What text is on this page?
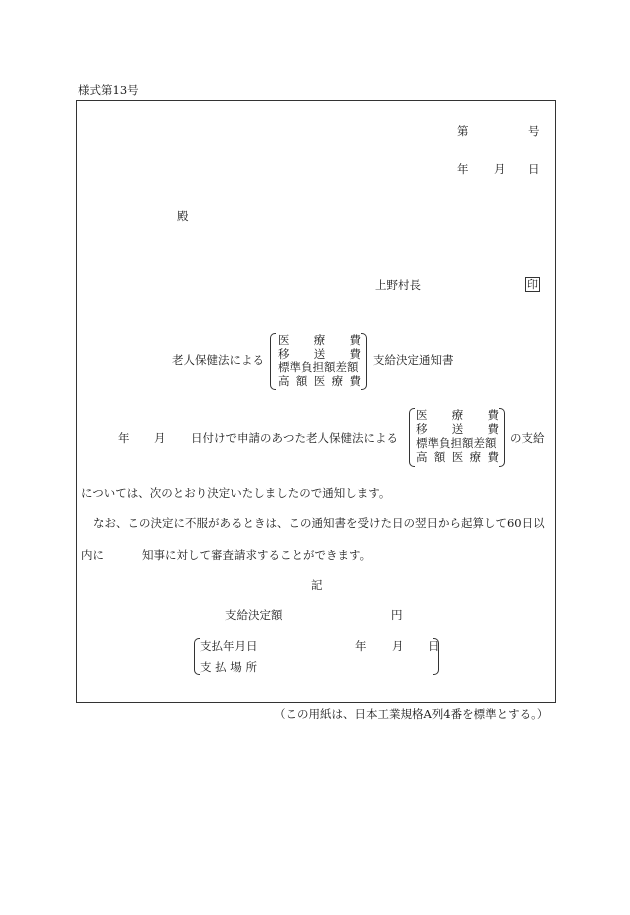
様式第13号
第	号
年 月 日
殿
上野村長	印
老人保健法による
医 療 費
移 送 費
標準負担額差額
高 額 医 療 費
支給決定通知書
年 月 日付けで申請のあつた老人保健法による
医 療 費
移 送 費
標準負担額差額
高 額 医 療 費
の支給
については、次のとおり決定いたしましたので通知します。
なお、この決定に不服があるときは、この通知書を受けた日の翌日から起算して60日以
内に	知事に対して審査請求することができます。
記
支給決定額	円
支払年月日	年 月 日
支 払 場 所
（この用紙は、日本工業規格A列4番を標準とする。）
